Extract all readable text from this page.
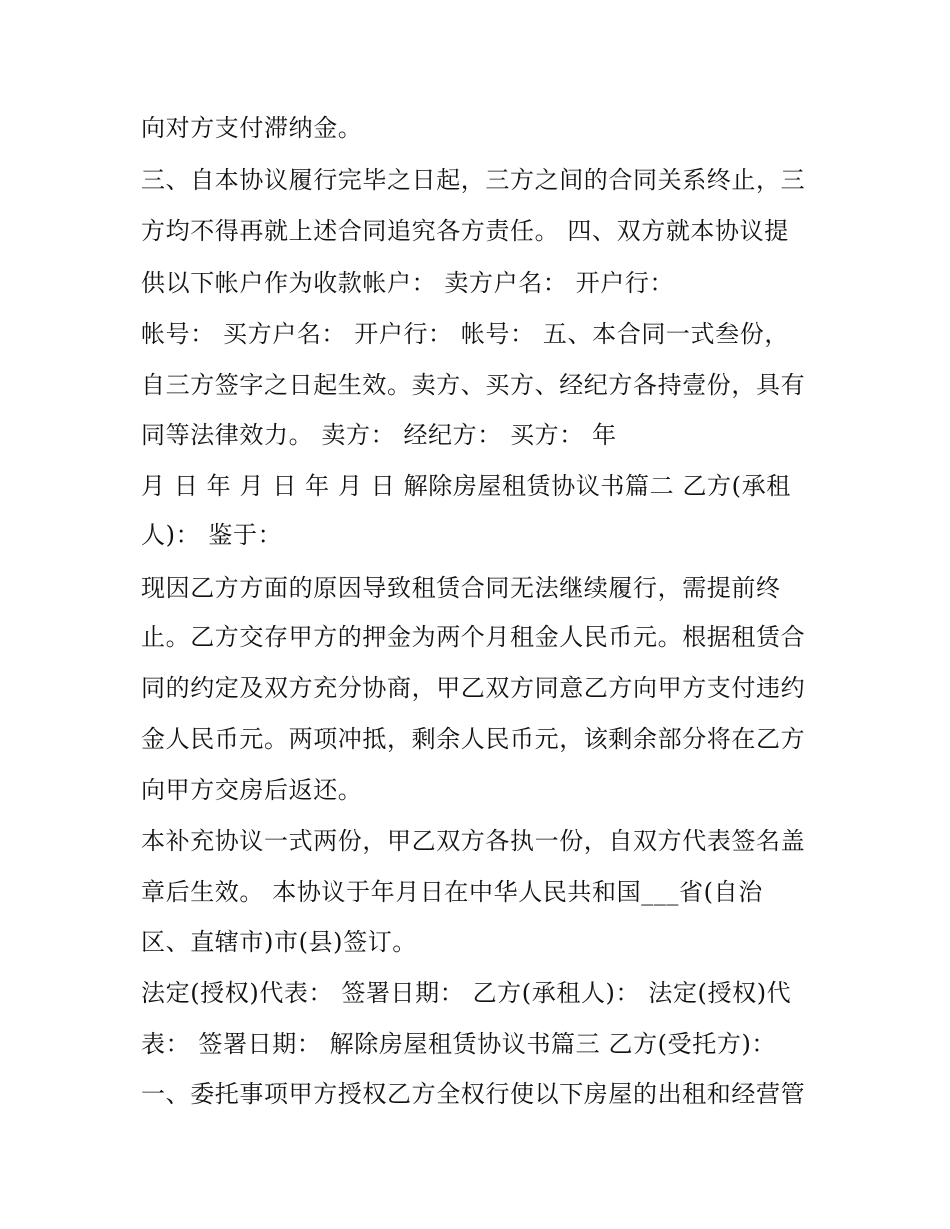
向对方支付滞纳金。
三、自本协议履行完毕之日起，三方之间的合同关系终止，三
方均不得再就上述合同追究各方责任。 四、双方就本协议提
供以下帐户作为收款帐户： 卖方户名： 开户行：
帐号： 买方户名： 开户行： 帐号： 五、本合同一式叁份，
自三方签字之日起生效。卖方、买方、经纪方各持壹份，具有
同等法律效力。 卖方： 经纪方： 买方： 年
月 日 年 月 日 年 月 日 解除房屋租赁协议书篇二 乙方(承租
人)： 鉴于：
现因乙方方面的原因导致租赁合同无法继续履行，需提前终
止。乙方交存甲方的押金为两个月租金人民币元。根据租赁合
同的约定及双方充分协商，甲乙双方同意乙方向甲方支付违约
金人民币元。两项冲抵，剩余人民币元，该剩余部分将在乙方
向甲方交房后返还。
本补充协议一式两份，甲乙双方各执一份，自双方代表签名盖
章后生效。 本协议于年月日在中华人民共和国___省(自治
区、直辖市)市(县)签订。
法定(授权)代表： 签署日期： 乙方(承租人)： 法定(授权)代
表： 签署日期： 解除房屋租赁协议书篇三 乙方(受托方)：
一、委托事项甲方授权乙方全权行使以下房屋的出租和经营管
